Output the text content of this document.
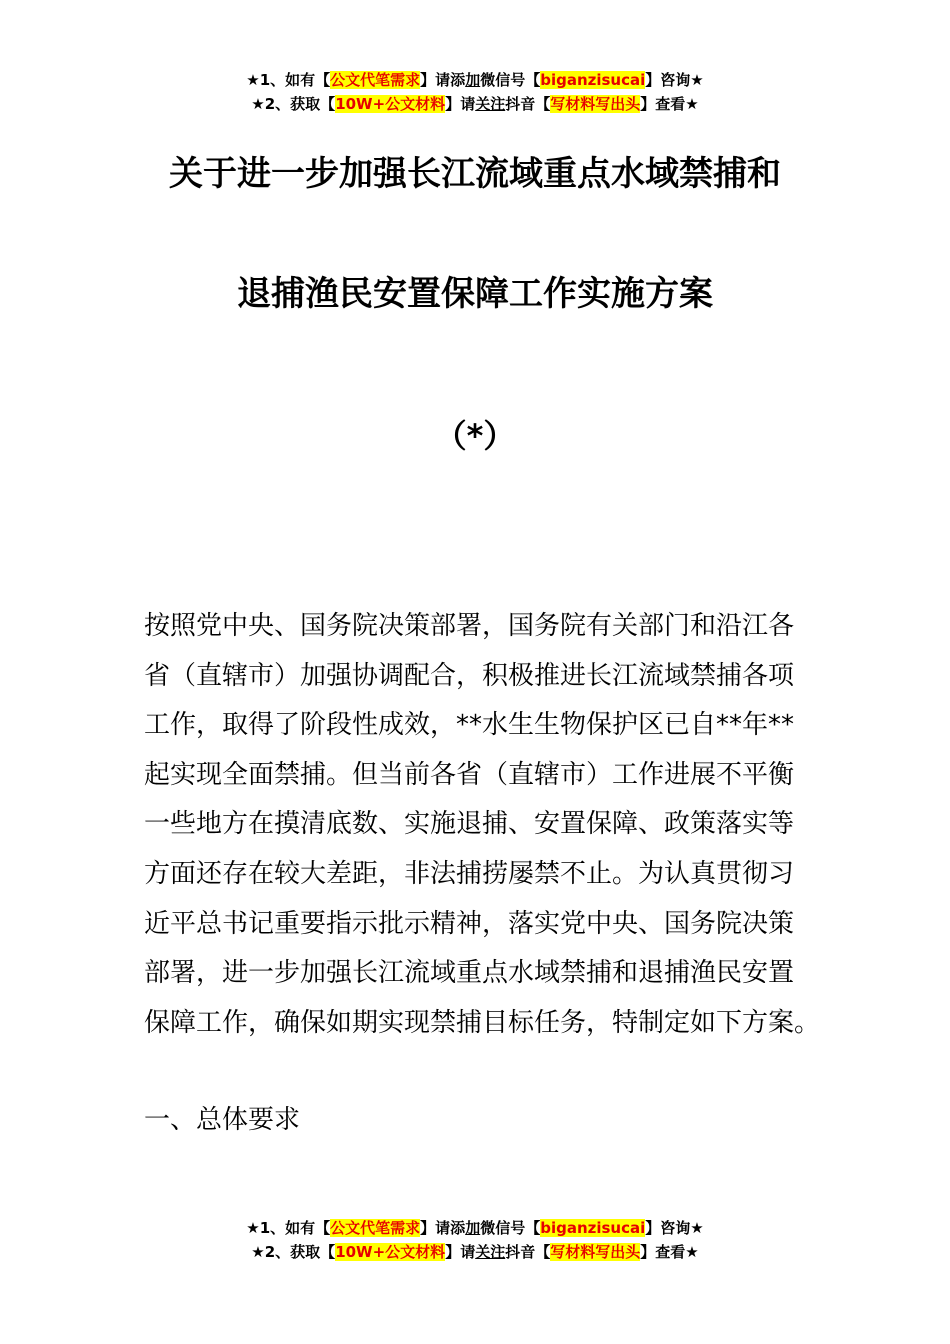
★1、如有【公文代笔需求】请添加微信号【biganzisucai】咨询★
★2、获取【10W+公文材料】请关注抖音【写材料写出头】查看★
关于进一步加强长江流域重点水域禁捕和
退捕渔民安置保障工作实施方案
（*）
按照党中央、国务院决策部署，国务院有关部门和沿江各
省（直辖市）加强协调配合，积极推进长江流域禁捕各项
工作，取得了阶段性成效，**水生生物保护区已自**年**
起实现全面禁捕。但当前各省（直辖市）工作进展不平衡
一些地方在摸清底数、实施退捕、安置保障、政策落实等
方面还存在较大差距，非法捕捞屡禁不止。为认真贯彻习
近平总书记重要指示批示精神，落实党中央、国务院决策
部署，进一步加强长江流域重点水域禁捕和退捕渔民安置
保障工作，确保如期实现禁捕目标任务，特制定如下方案。
一、总体要求
★1、如有【公文代笔需求】请添加微信号【biganzisucai】咨询★
★2、获取【10W+公文材料】请关注抖音【写材料写出头】查看★
